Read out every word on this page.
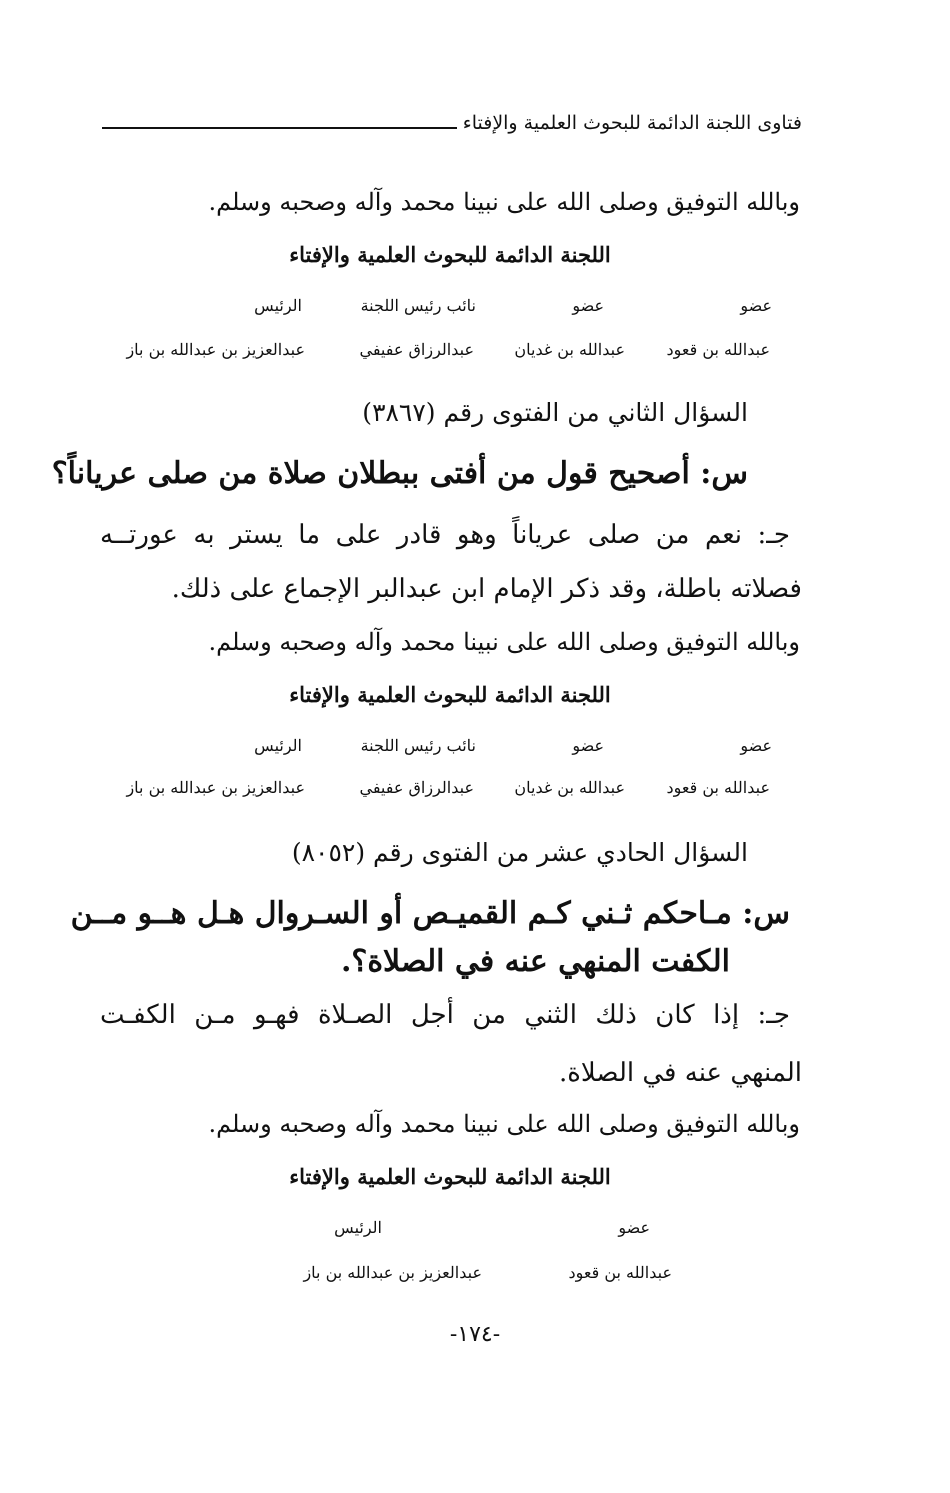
فتاوى اللجنة الدائمة للبحوث العلمية والإفتاء
وبالله التوفيق وصلى الله على نبينا محمد وآله وصحبه وسلم.
اللجنة الدائمة للبحوث العلمية والإفتاء
عضو
عضو
نائب رئيس اللجنة
الرئيس
عبدالله بن قعود
عبدالله بن غديان
عبدالرزاق عفيفي
عبدالعزيز بن عبدالله بن باز
السؤال الثاني من الفتوى رقم (٣٨٦٧)
س: أصحيح قول من أفتى ببطلان صلاة من صلى عرياناً؟
جـ: نعم من صلى عرياناً وهو قادر على ما يستر به عورتــه
فصلاته باطلة، وقد ذكر الإمام ابن عبدالبر الإجماع على ذلك.
وبالله التوفيق وصلى الله على نبينا محمد وآله وصحبه وسلم.
اللجنة الدائمة للبحوث العلمية والإفتاء
عضو
عضو
نائب رئيس اللجنة
الرئيس
عبدالله بن قعود
عبدالله بن غديان
عبدالرزاق عفيفي
عبدالعزيز بن عبدالله بن باز
السؤال الحادي عشر من الفتوى رقم (٨٠٥٢)
س: مـاحكم ثـني كـم القميـص أو السـروال هـل هــو مــن
الكفت المنهي عنه في الصلاة؟.
جـ: إذا كان ذلك الثني من أجل الصـلاة فهـو مـن الكفـت
المنهي عنه في الصلاة.
وبالله التوفيق وصلى الله على نبينا محمد وآله وصحبه وسلم.
اللجنة الدائمة للبحوث العلمية والإفتاء
عضو
الرئيس
عبدالله بن قعود
عبدالعزيز بن عبدالله بن باز
-١٧٤-
